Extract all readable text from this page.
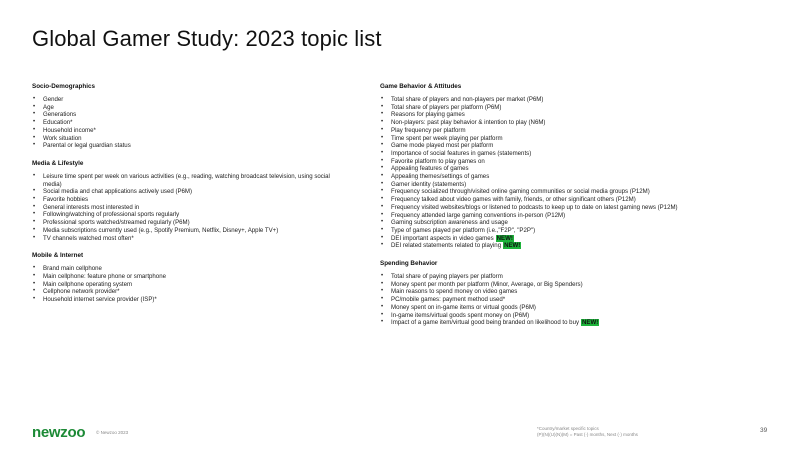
Global Gamer Study: 2023 topic list
Socio-Demographics
• Gender
• Age
• Generations
• Education*
• Household income*
• Work situation
• Parental or legal guardian status
Media & Lifestyle
• Leisure time spent per week on various activities (e.g., reading, watching broadcast television, using social media)
• Social media and chat applications actively used (P6M)
• Favorite hobbies
• General interests most interested in
• Following/watching of professional sports regularly
• Professional sports watched/streamed regularly (P6M)
• Media subscriptions currently used (e.g., Spotify Premium, Netflix, Disney+, Apple TV+)
• TV channels watched most often*
Mobile & Internet
• Brand main cellphone
• Main cellphone: feature phone or smartphone
• Main cellphone operating system
• Cellphone network provider*
• Household internet service provider (ISP)*
Game Behavior & Attitudes
• Total share of players and non-players per market (P6M)
• Total share of players per platform (P6M)
• Reasons for playing games
• Non-players: past play behavior & intention to play (N6M)
• Play frequency per platform
• Time spent per week playing per platform
• Game mode played most per platform
• Importance of social features in games (statements)
• Favorite platform to play games on
• Appealing features of games
• Appealing themes/settings of games
• Gamer identity (statements)
• Frequency socialized through/visited online gaming communities or social media groups (P12M)
• Frequency talked about video games with family, friends, or other significant others (P12M)
• Frequency visited websites/blogs or listened to podcasts to keep up to date on latest gaming news (P12M)
• Frequency attended large gaming conventions in-person (P12M)
• Gaming subscription awareness and usage
• Type of games played per platform (i.e.,"F2P", "P2P")
• DEI important aspects in video games NEW!
• DEI related statements related to playing NEW!
Spending Behavior
• Total share of paying players per platform
• Money spent per month per platform (Minor, Average, or Big Spenders)
• Main reasons to spend money on video games
• PC/mobile games: payment method used*
• Money spent on in-game items or virtual goods (P6M)
• In-game items/virtual goods spent money on (P6M)
• Impact of a game item/virtual good being branded on likelihood to buy NEW!
newzoo © Newzoo 2023
*Country/market specific topics
(P)(N)(U)(N)(M) = Past (·) months, Next (·) months
39
